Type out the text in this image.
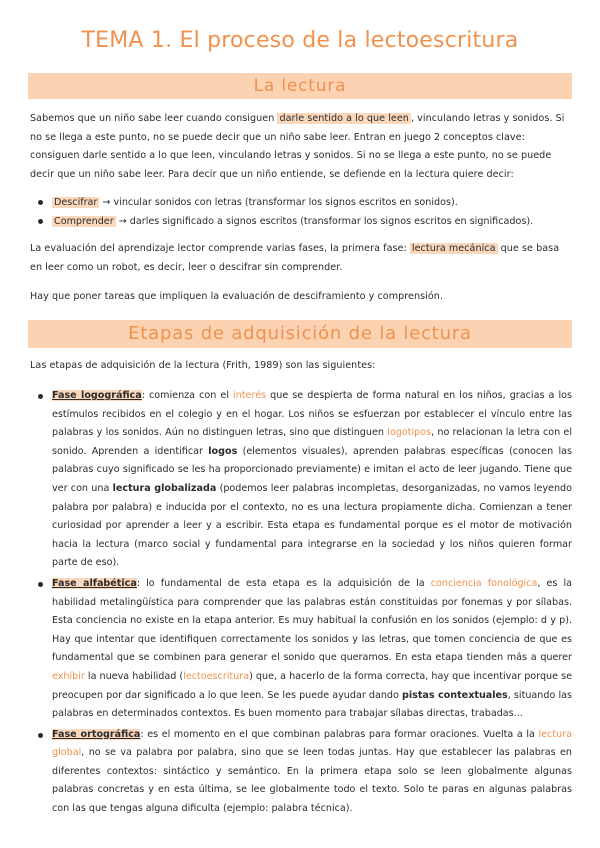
TEMA 1. El proceso de la lectoescritura
La lectura
Sabemos que un niño sabe leer cuando consiguen darle sentido a lo que leen , vinculando letras y sonidos. Si no se llega a este punto, no se puede decir que un niño sabe leer. Entran en juego 2 conceptos clave: consiguen darle sentido a lo que leen, vinculando letras y sonidos. Si no se llega a este punto, no se puede decir que un niño sabe leer. Para decir que un niño entiende, se defiende en la lectura quiere decir:
Descifrar → vincular sonidos con letras (transformar los signos escritos en sonidos).
Comprender → darles significado a signos escritos (transformar los signos escritos en significados).
La evaluación del aprendizaje lector comprende varias fases, la primera fase: lectura mecánica que se basa en leer como un robot, es decir, leer o descifrar sin comprender.
Hay que poner tareas que impliquen la evaluación de desciframiento y comprensión.
Etapas de adquisición de la lectura
Las etapas de adquisición de la lectura (Frith, 1989) son las siguientes:
Fase logográfica: comienza con el interés que se despierta de forma natural en los niños, gracias a los estímulos recibidos en el colegio y en el hogar. Los niños se esfuerzan por establecer el vínculo entre las palabras y los sonidos. Aún no distinguen letras, sino que distinguen logotipos, no relacionan la letra con el sonido. Aprenden a identificar logos (elementos visuales), aprenden palabras específicas (conocen las palabras cuyo significado se les ha proporcionado previamente) e imitan el acto de leer jugando. Tiene que ver con una lectura globalizada (podemos leer palabras incompletas, desorganizadas, no vamos leyendo palabra por palabra) e inducida por el contexto, no es una lectura propiamente dicha. Comienzan a tener curiosidad por aprender a leer y a escribir. Esta etapa es fundamental porque es el motor de motivación hacia la lectura (marco social y fundamental para integrarse en la sociedad y los niños quieren formar parte de eso).
Fase alfabética: lo fundamental de esta etapa es la adquisición de la conciencia fonológica, es la habilidad metalingüística para comprender que las palabras están constituidas por fonemas y por sílabas. Esta conciencia no existe en la etapa anterior. Es muy habitual la confusión en los sonidos (ejemplo: d y p). Hay que intentar que identifiquen correctamente los sonidos y las letras, que tomen conciencia de que es fundamental que se combinen para generar el sonido que queramos. En esta etapa tienden más a querer exhibir la nueva habilidad (lectoescritura) que, a hacerlo de la forma correcta, hay que incentivar porque se preocupen por dar significado a lo que leen. Se les puede ayudar dando pistas contextuales, situando las palabras en determinados contextos. Es buen momento para trabajar sílabas directas, trabadas...
Fase ortográfica: es el momento en el que combinan palabras para formar oraciones. Vuelta a la lectura global, no se va palabra por palabra, sino que se leen todas juntas. Hay que establecer las palabras en diferentes contextos: sintáctico y semántico. En la primera etapa solo se leen globalmente algunas palabras concretas y en esta última, se lee globalmente todo el texto. Solo te paras en algunas palabras con las que tengas alguna dificulta (ejemplo: palabra técnica).
